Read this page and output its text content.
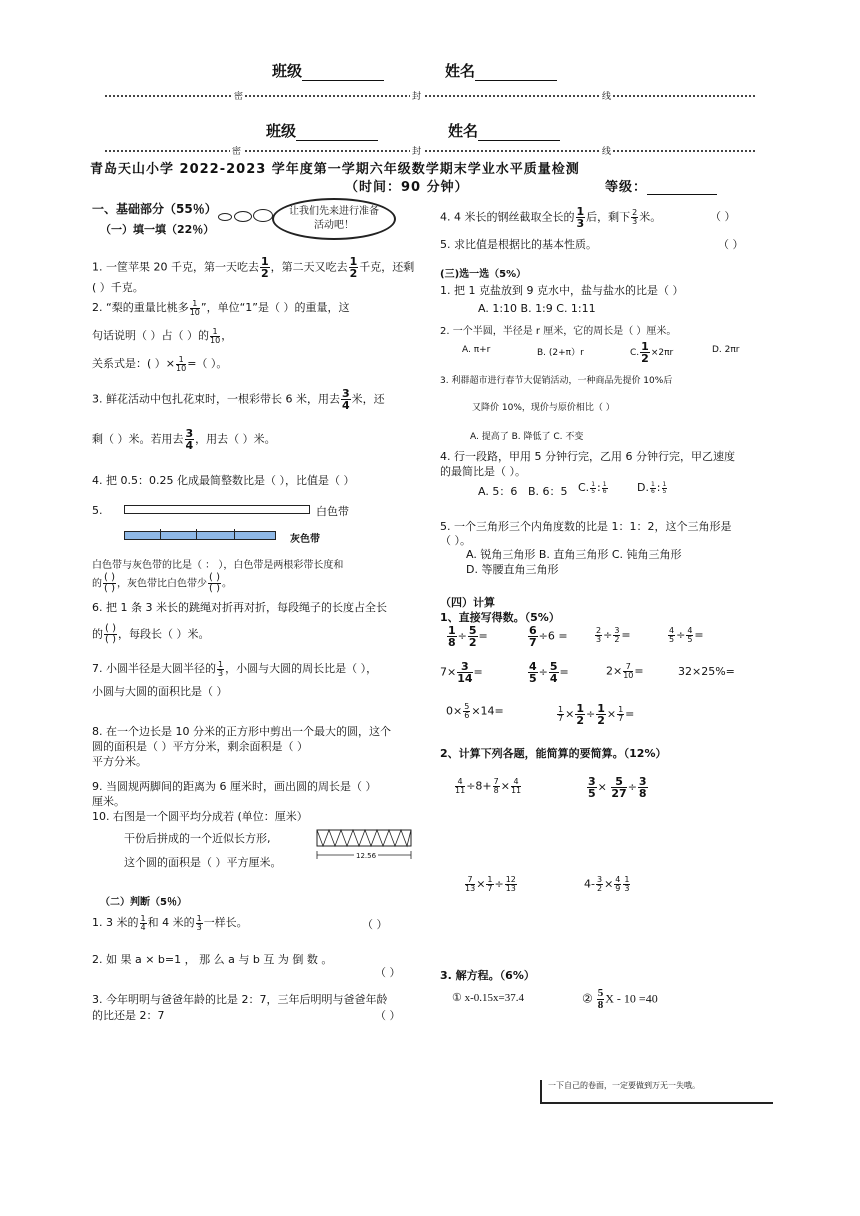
班级	姓名
密	封	线
班级	姓名
密	封	线
青岛天山小学 2022-2023 学年度第一学期六年级数学期末学业水平质量检测
（时间：90 分钟）	等级：
一、基础部分（55％）	让我们先来进行准备活动吧！
（一）填一填（22％）
1. 一筐苹果 20 千克，第一天吃去 $\frac{1}{2}$ ，第二天又吃去 $\frac{1}{2}$ 千克，还剩
( ）千克。
2. “梨的重量比桃多 $\frac{1}{10}$ ”，单位“1”是（ ）的重量，这
句话说明（ ）占（ ）的 $\frac{1}{10}$ ，
关系式是：( ）× $\frac{1}{10}$ =（ ）。
3. 鲜花活动中包扎花束时，一根彩带长 6 米，用去 $\frac{3}{4}$ 米，还
剩（ ）米。若用去 $\frac{3}{4}$ ，用去（ ）米。
4. 把 0.5：0.25 化成最简整数比是（ ），比值是（ ）
5.	白色带
灰色带
白色带与灰色带的比是（ ： ），白色带是两根彩带长度和
的 $\frac{( )}{( )}$ ，灰色带比白色带少 $\frac{( )}{( )}$ 。
6. 把 1 条 3 米长的跳绳对折再对折，每段绳子的长度占全长
的 $\frac{( )}{( )}$ ，每段长（ ）米。
7. 小圆半径是大圆半径的 $\frac{1}{3}$ ，小圆与大圆的周长比是（ ），
小圆与大圆的面积比是（ ）
8. 在一个边长是 10 分米的正方形中剪出一个最大的圆，这个
圆的面积是（ ）平方分米，剩余面积是（ ）
平方分米。
9. 当圆规两脚间的距离为 6 厘米时，画出圆的周长是（ ）
厘米。
10. 右图是一个圆平均分成若 (单位：厘米）
干份后拼成的一个近似长方形,
这个圆的面积是（ ）平方厘米。	12.56
（二）判断（5％）
1. 3 米的 $\frac{1}{4}$ 和 4 米的 $\frac{1}{3}$ 一样长。	（ ）
2. 如 果 a × b=1 ， 那 么 a 与 b 互 为 倒 数 。
（ ）
3. 今年明明与爸爸年龄的比是 2：7，三年后明明与爸爸年龄
的比还是 2：7	（ ）
4. 4 米长的钢丝截取全长的 $\frac{1}{3}$ 后，剩下 $\frac{2}{3}$ 米。	（ ）
5. 求比值是根据比的基本性质。	（ ）
(三)选一选（5%）
1. 把 1 克盐放到 9 克水中，盐与盐水的比是（ ）
A. 1:10 B. 1:9 C. 1:11
2. 一个半圆，半径是 r 厘米，它的周长是（ ）厘米。
A. π+r	B. (2+π）r	C. $\frac{1}{2} \times 2\pi r$	D. 2πr
3. 利群超市进行春节大促销活动，一种商品先提价 10%后
又降价 10%，现价与原价相比（ ）
A. 提高了 B. 降低了 C. 不变
4. 行一段路，甲用 5 分钟行完，乙用 6 分钟行完，甲乙速度
的最简比是（ ）。
A. 5：6 B. 6：5 C. $\frac{1}{5}$ : $\frac{1}{6}$	D. $\frac{1}{6}$ : $\frac{1}{5}$
5. 一个三角形三个内角度数的比是 1：1：2，这个三角形是
（ ）。
A. 锐角三角形 B. 直角三角形 C. 钝角三角形
D. 等腰直角三角形
（四）计算
1、直接写得数。（5%）
$\frac{1}{8} \div \frac{5}{2}$ =	$\frac{6}{7} \div 6$ =	$\frac{2}{3} \div \frac{3}{2}$ =	$\frac{4}{5} \div \frac{4}{5}$ =
$7\times \frac{3}{14}$ =	$\frac{4}{5} \div \frac{5}{4}$ =	$2\times \frac{7}{10}$ =	32×25%=
$0\times \frac{5}{6} \times 14=$	$\frac{1}{7} \times \frac{1}{2} \div \frac{1}{2} \times \frac{1}{7}$ =
2、计算下列各题，能简算的要简算。（12%）
$\frac{4}{11} \div 8+ \frac{7}{8} \times \frac{4}{11}$	$\frac{3}{5} \times \frac{5}{27} \div \frac{3}{8}$
$\frac{7}{13} \times \frac{1}{7} \div \frac{12}{13}$	$4- \frac{3}{2} \times \frac{4}{9} \frac{1}{3}$
3. 解方程。（6%）
① x-0.15x=37.4	② $\frac{5}{8}$ X - 10 =40
一下自己的卷面，一定要做到万无一失哦。
